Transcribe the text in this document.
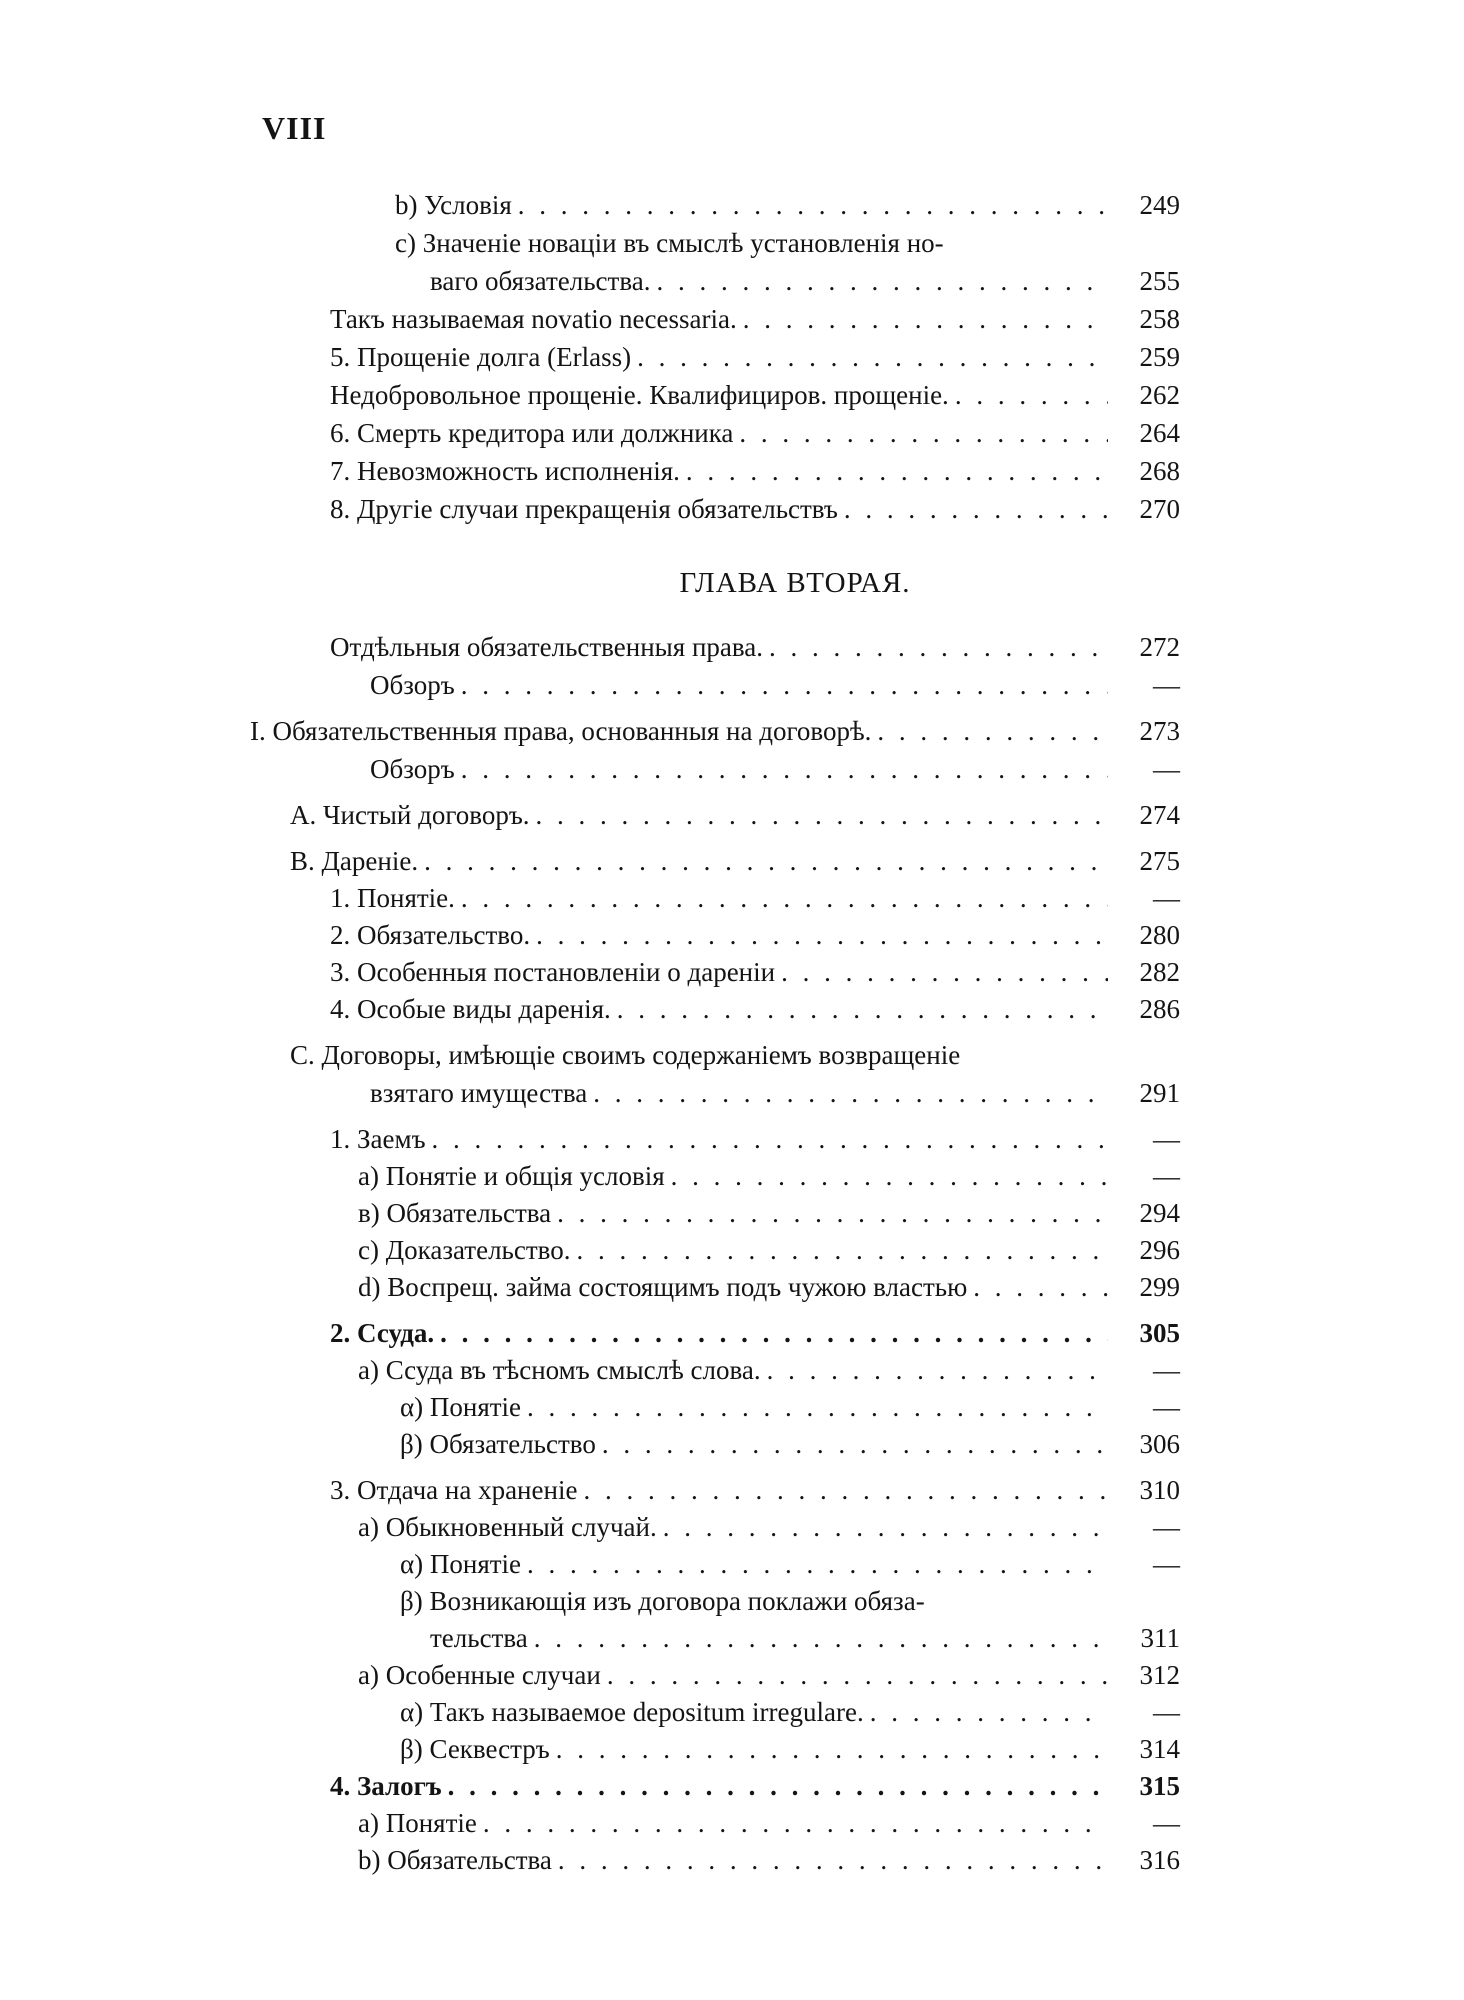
VIII
b) Условія . . .	249
c) Значеніе новаціи въ смыслѣ установленія но-
ваго обязательства. . . .	255
Такъ называемая novatio necessaria. . . .	258
5. Прощеніе долга (Erlass) . . .	259
Недобровольное прощеніе. Квалифициров. прощеніе. . . .	262
6. Смерть кредитора или должника . . .	264
7. Невозможность исполненія. . . .	268
8. Другіе случаи прекращенія обязательствъ . . .	270
ГЛАВА ВТОРАЯ.
Отдѣльныя обязательственныя права. . . .	272
Обзоръ . . .	—
I. Обязательственныя права, основанныя на договорѣ. . . .	273
Обзоръ . . .	—
A. Чистый договоръ. . . .	274
B. Дареніе. . . .	275
1. Понятіе. . . .	—
2. Обязательство. . . .	280
3. Особенныя постановленіи о дареніи . . .	282
4. Особые виды даренія. . . .	286
C. Договоры, имѣющіе своимъ содержаніемъ возвращеніе
взятаго имущества . . .	291
1. Заемъ . . .	—
a) Понятіе и общія условія . . .	—
в) Обязательства . . .	294
c) Доказательство. . . .	296
d) Воспрещ. займа состоящимъ подъ чужою властью . . .	299
2. Ссуда. . . .	305
a) Ссуда въ тѣсномъ смыслѣ слова. . . .	—
α) Понятіе . . .	—
β) Обязательство . . .	306
3. Отдача на храненіе . . .	310
a) Обыкновенный случай. . . .	—
α) Понятіе . . .	—
β) Возникающія изъ договора поклажи обяза-
тельства . . .	311
a) Особенные случаи . . .	312
α) Такъ называемое depositum irregulare. . . .	—
β) Секвестръ . . .	314
4. Залогъ . . .	315
a) Понятіе . . .	—
b) Обязательства . . .	316
